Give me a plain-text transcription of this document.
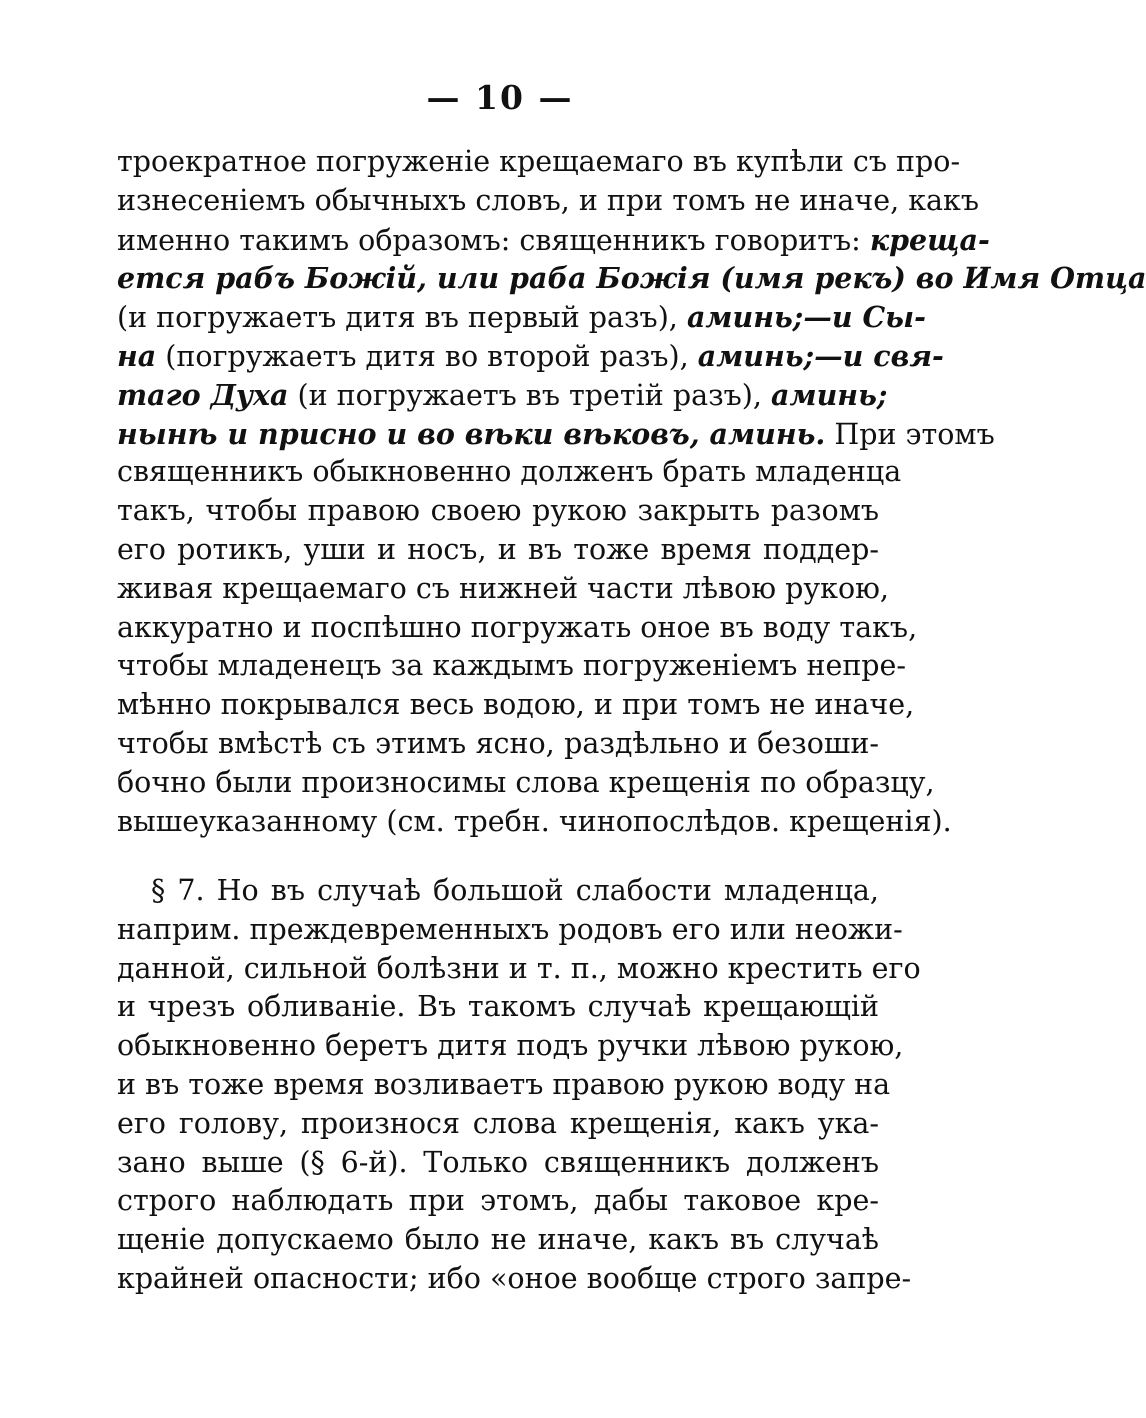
— 10 —
троекратное погруженіе крещаемаго въ купѣли съ про-
изнесеніемъ обычныхъ словъ, и при томъ не иначе, какъ
именно такимъ образомъ: священникъ говоритъ: креща-
ется рабъ Божій, или раба Божія (имя рекъ) во Имя Отца
(и погружаетъ дитя въ первый разъ), аминь;—и Сы-
на (погружаетъ дитя во второй разъ), аминь;—и свя-
таго Духа (и погружаетъ въ третій разъ), аминь;
нынѣ и присно и во вѣки вѣковъ, аминь. При этомъ
священникъ обыкновенно долженъ брать младенца
такъ, чтобы правою своею рукою закрыть разомъ
его ротикъ, уши и носъ, и въ тоже время поддер-
живая крещаемаго съ нижней части лѣвою рукою,
аккуратно и поспѣшно погружать оное въ воду такъ,
чтобы младенецъ за каждымъ погруженіемъ непре-
мѣнно покрывался весь водою, и при томъ не иначе,
чтобы вмѣстѣ съ этимъ ясно, раздѣльно и безоши-
бочно были произносимы слова крещенія по образцу,
вышеуказанному (см. требн. чинопослѣдов. крещенія).
§ 7. Но въ случаѣ большой слабости младенца,
наприм. преждевременныхъ родовъ его или неожи-
данной, сильной болѣзни и т. п., можно крестить его
и чрезъ обливаніе. Въ такомъ случаѣ крещающій
обыкновенно беретъ дитя подъ ручки лѣвою рукою,
и въ тоже время возливаетъ правою рукою воду на
его голову, произнося слова крещенія, какъ ука-
зано выше (§ 6-й). Только священникъ долженъ
строго наблюдать при этомъ, дабы таковое кре-
щеніе допускаемо было не иначе, какъ въ случаѣ
крайней опасности; ибо «оное вообще строго запре-
